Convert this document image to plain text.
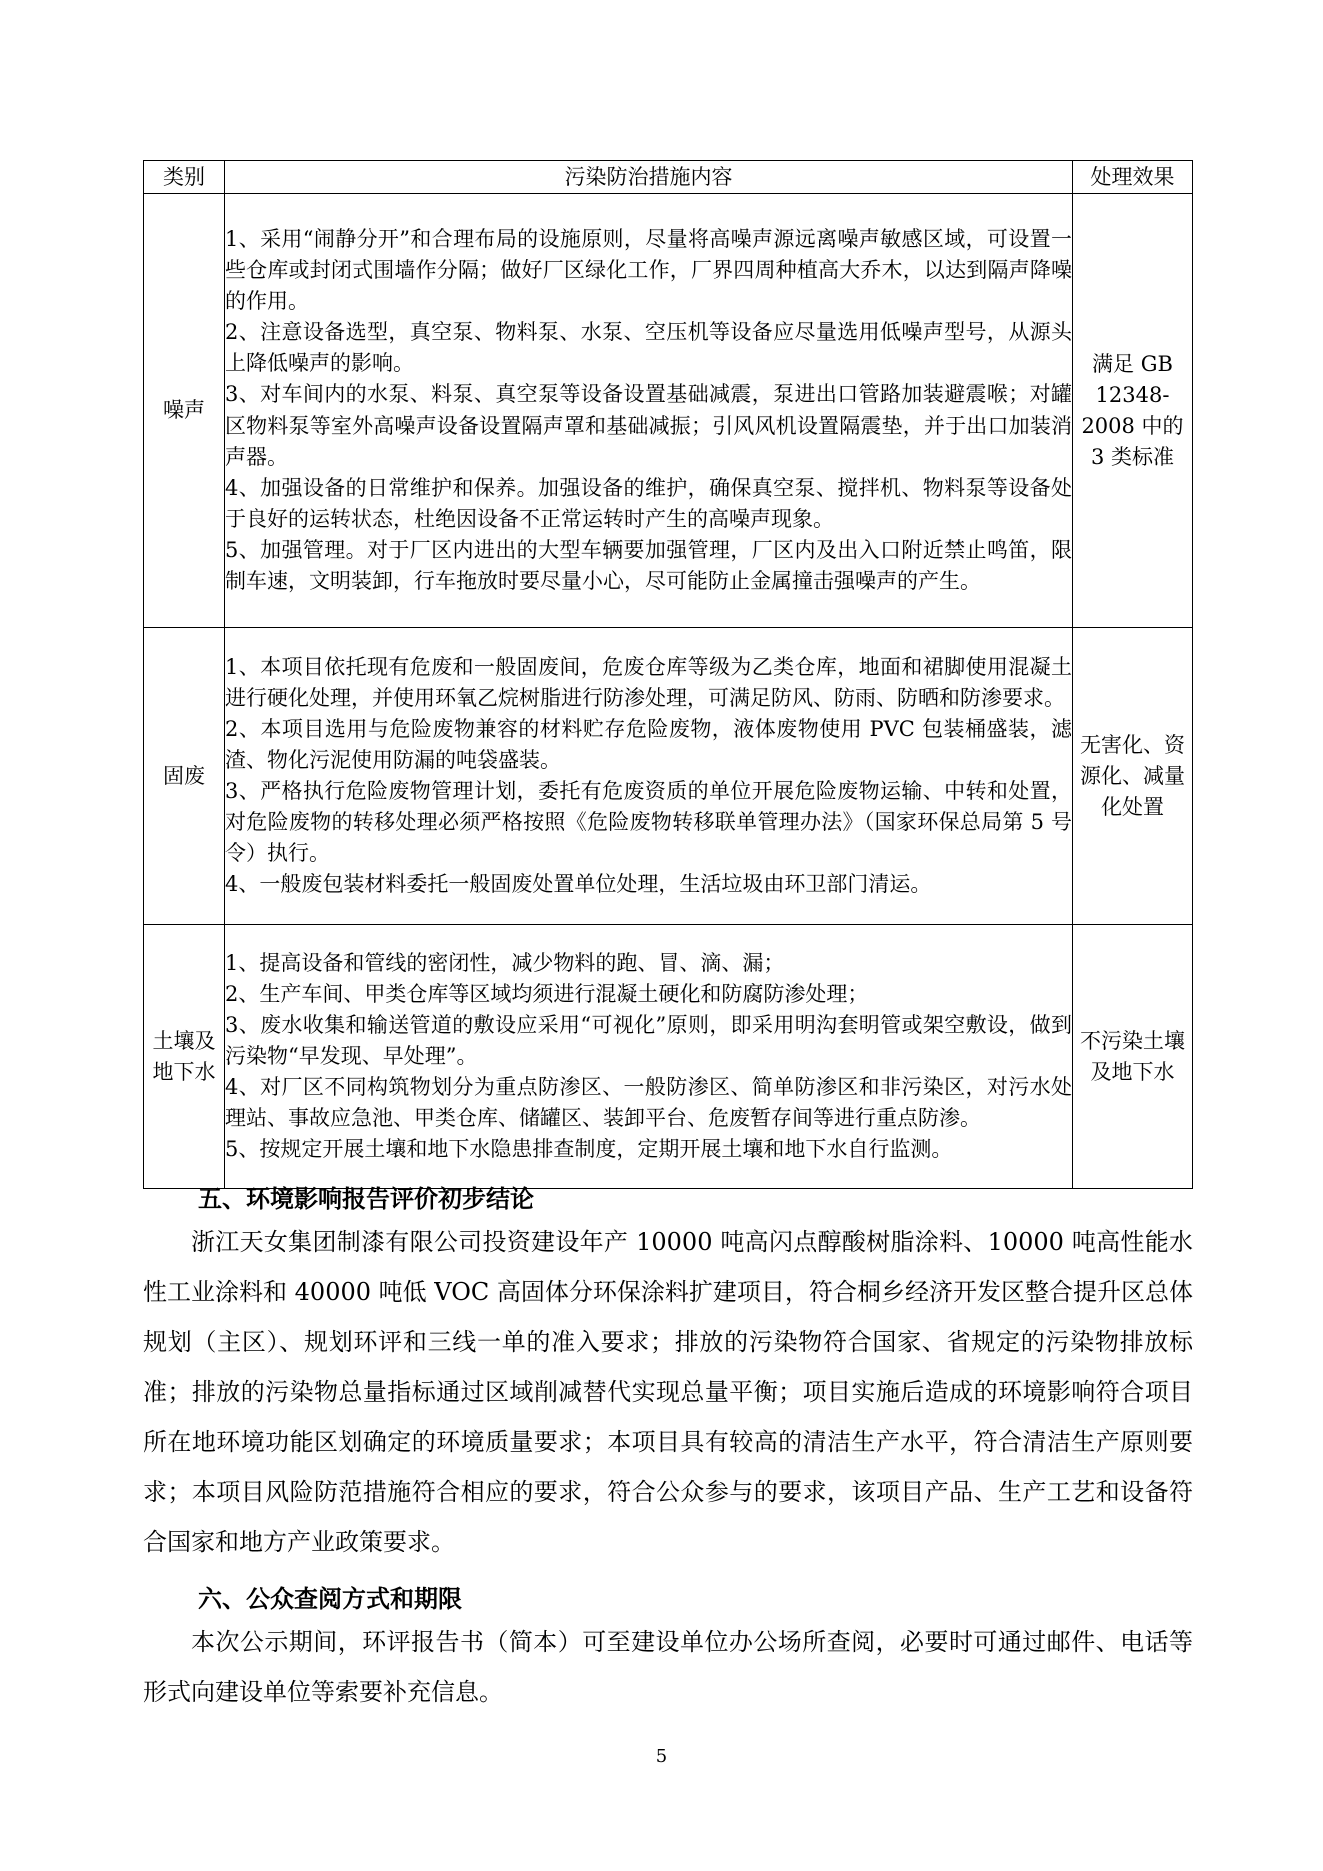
类别	污染防治措施内容	处理效果
噪声	1、采用“闹静分开”和合理布局的设施原则，尽量将高噪声源远离噪声敏感区域，可设置一些仓库或封闭式围墙作分隔；做好厂区绿化工作，厂界四周种植高大乔木，以达到隔声降噪的作用。

2、注意设备选型，真空泵、物料泵、水泵、空压机等设备应尽量选用低噪声型号，从源头上降低噪声的影响。

3、对车间内的水泵、料泵、真空泵等设备设置基础减震，泵进出口管路加装避震喉；对罐区物料泵等室外高噪声设备设置隔声罩和基础减振；引风风机设置隔震垫，并于出口加装消声器。

4、加强设备的日常维护和保养。加强设备的维护，确保真空泵、搅拌机、物料泵等设备处于良好的运转状态，杜绝因设备不正常运转时产生的高噪声现象。

5、加强管理。对于厂区内进出的大型车辆要加强管理，厂区内及出入口附近禁止鸣笛，限制车速，文明装卸，行车拖放时要尽量小心，尽可能防止金属撞击强噪声的产生。	满足 GB 12348-2008 中的 3 类标准
固废	1、本项目依托现有危废和一般固废间，危废仓库等级为乙类仓库，地面和裙脚使用混凝土进行硬化处理，并使用环氧乙烷树脂进行防渗处理，可满足防风、防雨、防晒和防渗要求。

2、本项目选用与危险废物兼容的材料贮存危险废物，液体废物使用 PVC 包装桶盛装，滤渣、物化污泥使用防漏的吨袋盛装。

3、严格执行危险废物管理计划，委托有危废资质的单位开展危险废物运输、中转和处置，对危险废物的转移处理必须严格按照《危险废物转移联单管理办法》（国家环保总局第 5 号令）执行。

4、一般废包装材料委托一般固废处置单位处理，生活垃圾由环卫部门清运。	无害化、资源化、减量化处置
土壤及地下水	1、提高设备和管线的密闭性，减少物料的跑、冒、滴、漏；

2、生产车间、甲类仓库等区域均须进行混凝土硬化和防腐防渗处理；

3、废水收集和输送管道的敷设应采用“可视化”原则，即采用明沟套明管或架空敷设，做到污染物“早发现、早处理”。

4、对厂区不同构筑物划分为重点防渗区、一般防渗区、简单防渗区和非污染区，对污水处理站、事故应急池、甲类仓库、储罐区、装卸平台、危废暂存间等进行重点防渗。

5、按规定开展土壤和地下水隐患排查制度，定期开展土壤和地下水自行监测。	不污染土壤及地下水
五、环境影响报告评价初步结论

浙江天女集团制漆有限公司投资建设年产 10000 吨高闪点醇酸树脂涂料、10000 吨高性能水性工业涂料和 40000 吨低 VOC 高固体分环保涂料扩建项目，符合桐乡经济开发区整合提升区总体规划（主区）、规划环评和三线一单的准入要求；排放的污染物符合国家、省规定的污染物排放标准；排放的污染物总量指标通过区域削减替代实现总量平衡；项目实施后造成的环境影响符合项目所在地环境功能区划确定的环境质量要求；本项目具有较高的清洁生产水平，符合清洁生产原则要求；本项目风险防范措施符合相应的要求，符合公众参与的要求，该项目产品、生产工艺和设备符合国家和地方产业政策要求。

六、公众查阅方式和期限

本次公示期间，环评报告书（简本）可至建设单位办公场所查阅，必要时可通过邮件、电话等形式向建设单位等索要补充信息。

5
